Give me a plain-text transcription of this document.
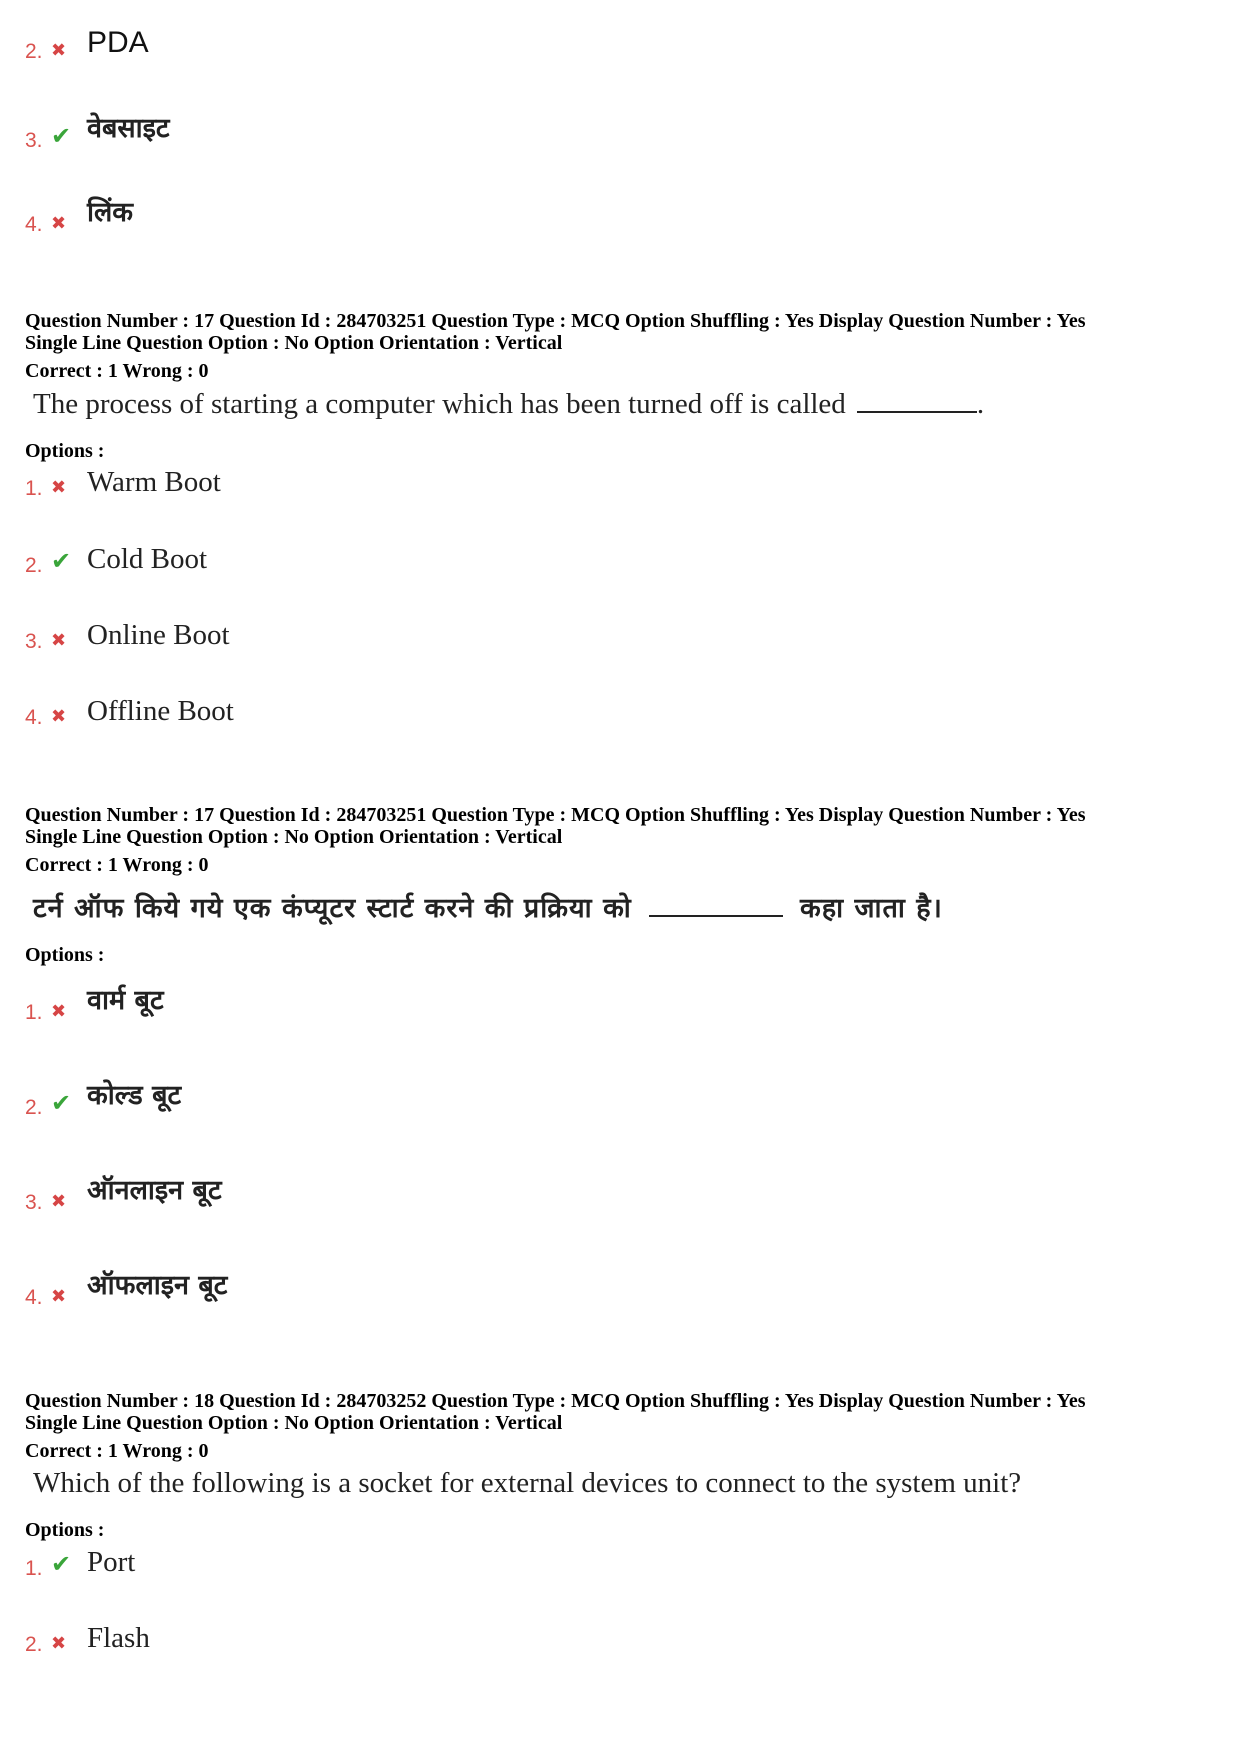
2. ✖ PDA
3. ✔ वेबसाइट
4. ✖ लिंक
Question Number : 17 Question Id : 284703251 Question Type : MCQ Option Shuffling : Yes Display Question Number : Yes
Single Line Question Option : No Option Orientation : Vertical
Correct : 1 Wrong : 0
The process of starting a computer which has been turned off is called	.
Options :
1. ✖ Warm Boot
2. ✔ Cold Boot
3. ✖ Online Boot
4. ✖ Offline Boot
Question Number : 17 Question Id : 284703251 Question Type : MCQ Option Shuffling : Yes Display Question Number : Yes
Single Line Question Option : No Option Orientation : Vertical
Correct : 1 Wrong : 0
टर्न ऑफ किये गये एक कंप्यूटर स्टार्ट करने की प्रक्रिया को	कहा जाता है।
Options :
1. ✖ वार्म बूट
2. ✔ कोल्ड बूट
3. ✖ ऑनलाइन बूट
4. ✖ ऑफलाइन बूट
Question Number : 18 Question Id : 284703252 Question Type : MCQ Option Shuffling : Yes Display Question Number : Yes
Single Line Question Option : No Option Orientation : Vertical
Correct : 1 Wrong : 0
Which of the following is a socket for external devices to connect to the system unit?
Options :
1. ✔ Port
2. ✖ Flash
